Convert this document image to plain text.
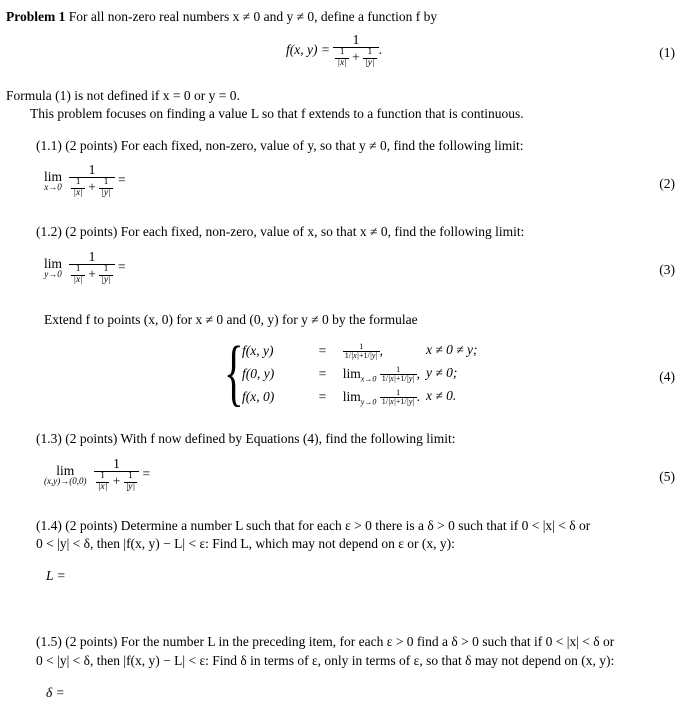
Problem 1 For all non-zero real numbers x ≠ 0 and y ≠ 0, define a function f by
f(x, $y) = \frac{1}{\frac{1}{|x|} + \frac{1}{|y|}}$ .	(1)
Formula (1) is not defined if x = 0 or y = 0.
This problem focuses on finding a value L so that f extends to a function that is continuous.
(1.1) (2 points) For each fixed, non-zero, value of y, so that y ≠ 0, find the following limit:
lim
x→0
$\frac{1}{\frac{1}{|x|} + \frac{1}{|y|}}$ =	(2)
(1.2) (2 points) For each fixed, non-zero, value of x, so that x ≠ 0, find the following limit:
lim
y→0
$\frac{1}{\frac{1}{|x|} + \frac{1}{|y|}}$ =	(3)
Extend f to points (x, 0) for x ≠ 0 and (0, y) for y ≠ 0 by the formulae
{
f(x, y)	= $\frac{1}{1/|x|+1/|y|}$ ,	x ≠ 0 ≠ y;
f(0, y)	= $\lim_{x\to 0} \frac{1}{1/|x|+1/|y|}$ , y ≠ 0;
f(x, 0)	= $\lim_{y\to 0} \frac{1}{1/|x|+1/|y|}$ . x ≠ 0.
(4)
(1.3) (2 points) With f now defined by Equations (4), find the following limit:
lim
(x,y)→(0,0)
$\frac{1}{\frac{1}{|x|} + \frac{1}{|y|}}$ =	(5)
(1.4) (2 points) Determine a number L such that for each ε > 0 there is a δ > 0 such that if 0 < |x| < δ or
0 < |y| < δ, then |f(x, y) − L| < ε: Find L, which may not depend on ε or (x, y):
L =
(1.5) (2 points) For the number L in the preceding item, for each ε > 0 find a δ > 0 such that if 0 < |x| < δ or
0 < |y| < δ, then |f(x, y) − L| < ε: Find δ in terms of ε, only in terms of ε, so that δ may not depend on (x, y):
δ =
